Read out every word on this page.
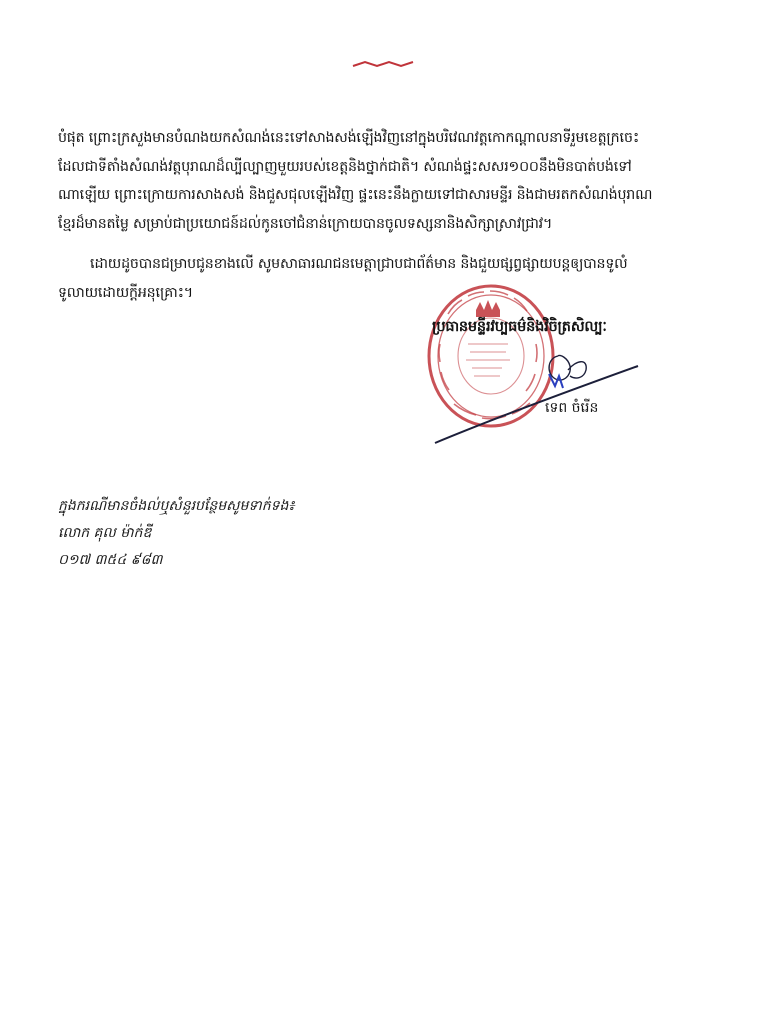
បំផុត ព្រោះក្រសួងមានបំណងយកសំណង់នេះទៅសាងសង់ឡើងវិញនៅក្នុងបរិវេណវត្តកោកណ្តាលនាទីរួមខេត្តក្រចេះ
ដែលជាទីតាំងសំណង់វត្តបុរាណដ៏ល្បីល្បាញមួយរបស់ខេត្តនិងថ្នាក់ជាតិ។ សំណង់ផ្ទះសសរ១០០នឹងមិនបាត់បង់ទៅ
ណាឡើយ ព្រោះក្រោយការសាងសង់ និងជួសជុលឡើងវិញ ផ្ទះនេះនឹងក្លាយទៅជាសារមន្ទីរ និងជាមរតកសំណង់បុរាណ
ខ្មែរដ៏មានតម្លៃ សម្រាប់ជាប្រយោជន៍ដល់កូនចៅជំនាន់ក្រោយបានចូលទស្សនានិងសិក្សាស្រាវជ្រាវ។
ដោយដូចបានជម្រាបជូនខាងលើ សូមសាធារណជនមេត្តាជ្រាបជាព័ត៌មាន និងជួយផ្សព្វផ្សាយបន្តឲ្យបានទូលំ
ទូលាយដោយក្តីអនុគ្រោះ។
ប្រធានមន្ទីរវប្បធម៌និងវិចិត្រសិល្បៈ
ទេព ចំរើន
ក្នុងករណីមានចំងល់ឬសំនួរបន្ថែមសូមទាក់ទង៖
លោក គុល ម៉ាក់ឌី
០១៧ ៣៥៤ ៩៨៣
